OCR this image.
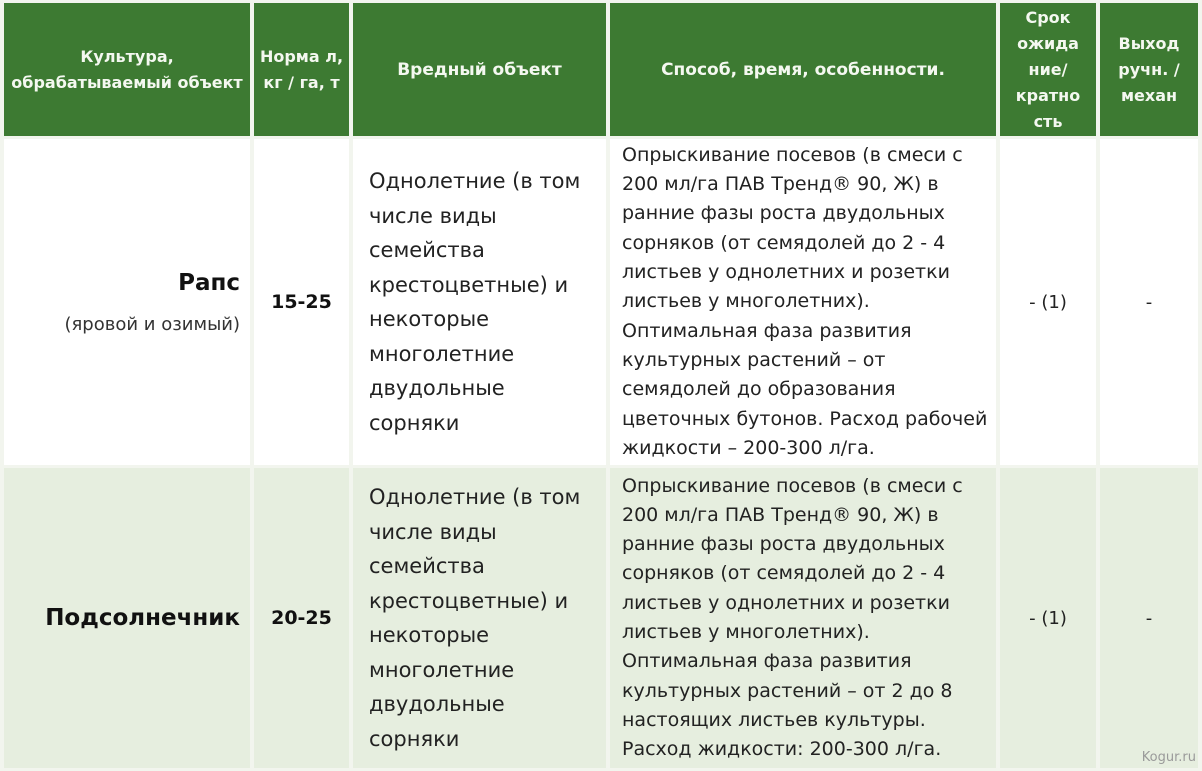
Культура, обрабатываемый объект	Норма л, кг / га, т	Вредный объект	Способ, время, особенности.	Срок ожида ние/ кратно сть	Выход ручн. /механ

Рапс
(яровой и озимый)	15-25	Однолетние (в том числе виды семейства крестоцветные) и некоторые многолетние двудольные сорняки	Опрыскивание посевов (в смеси с 200 мл/га ПАВ Тренд® 90, Ж) в ранние фазы роста двудольных сорняков (от семядолей до 2 - 4 листьев у однолетних и розетки листьев у многолетних). Оптимальная фаза развития культурных растений – от семядолей до образования цветочных бутонов. Расход рабочей жидкости – 200-300 л/га.	- (1)	-

Подсолнечник	20-25	Однолетние (в том числе виды семейства крестоцветные) и некоторые многолетние двудольные сорняки	Опрыскивание посевов (в смеси с 200 мл/га ПАВ Тренд® 90, Ж) в ранние фазы роста двудольных сорняков (от семядолей до 2 - 4 листьев у однолетних и розетки листьев у многолетних). Оптимальная фаза развития культурных растений – от 2 до 8 настоящих листьев культуры. Расход жидкости: 200-300 л/га.	- (1)	-
Kogur.ru
